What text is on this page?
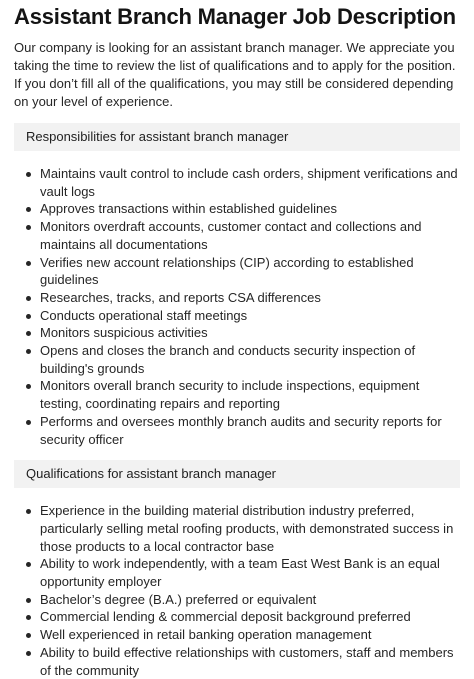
Assistant Branch Manager Job Description

Our company is looking for an assistant branch manager. We appreciate you taking the time to review the list of qualifications and to apply for the position. If you don’t fill all of the qualifications, you may still be considered depending on your level of experience.

Responsibilities for assistant branch manager
Maintains vault control to include cash orders, shipment verifications and vault logs
Approves transactions within established guidelines
Monitors overdraft accounts, customer contact and collections and maintains all documentations
Verifies new account relationships (CIP) according to established guidelines
Researches, tracks, and reports CSA differences
Conducts operational staff meetings
Monitors suspicious activities
Opens and closes the branch and conducts security inspection of building's grounds
Monitors overall branch security to include inspections, equipment testing, coordinating repairs and reporting
Performs and oversees monthly branch audits and security reports for security officer
Qualifications for assistant branch manager
Experience in the building material distribution industry preferred, particularly selling metal roofing products, with demonstrated success in those products to a local contractor base
Ability to work independently, with a team East West Bank is an equal opportunity employer
Bachelor’s degree (B.A.) preferred or equivalent
Commercial lending & commercial deposit background preferred
Well experienced in retail banking operation management
Ability to build effective relationships with customers, staff and members of the community
